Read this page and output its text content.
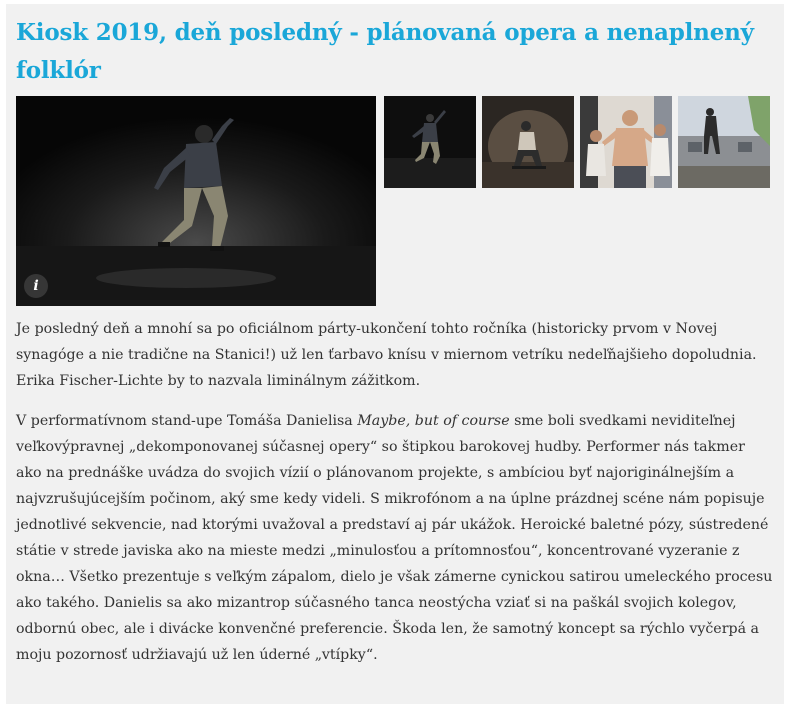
Kiosk 2019, deň posledný - plánovaná opera a nenaplnený folklór
i

Je posledný deň a mnohí sa po oficiálnom párty-ukončení tohto ročníka (historicky prvom v Novej synagóge a nie tradične na Stanici!) už len ťarbavo knísu v miernom vetríku nedeľňajšieho dopoludnia. Erika Fischer-Lichte by to nazvala liminálnym zážitkom.

V performatívnom stand-upe Tomáša Danielisa Maybe, but of course sme boli svedkami neviditeľnej veľkovýpravnej „dekomponovanej súčasnej opery“ so štipkou barokovej hudby. Performer nás takmer ako na prednáške uvádza do svojich vízií o plánovanom projekte, s ambíciou byť najoriginálnejším a najvzrušujúcejším počinom, aký sme kedy videli. S mikrofónom a na úplne prázdnej scéne nám popisuje jednotlivé sekvencie, nad ktorými uvažoval a predstaví aj pár ukážok. Heroické baletné pózy, sústredené státie v strede javiska ako na mieste medzi „minulosťou a prítomnosťou“, koncentrované vyzeranie z okna… Všetko prezentuje s veľkým zápalom, dielo je však zámerne cynickou satirou umeleckého procesu ako takého. Danielis sa ako mizantrop súčasného tanca neostýcha vziať si na paškál svojich kolegov, odbornú obec, ale i divácke konvenčné preferencie. Škoda len, že samotný koncept sa rýchlo vyčerpá a moju pozornosť udržiavajú už len úderné „vtípky“.
